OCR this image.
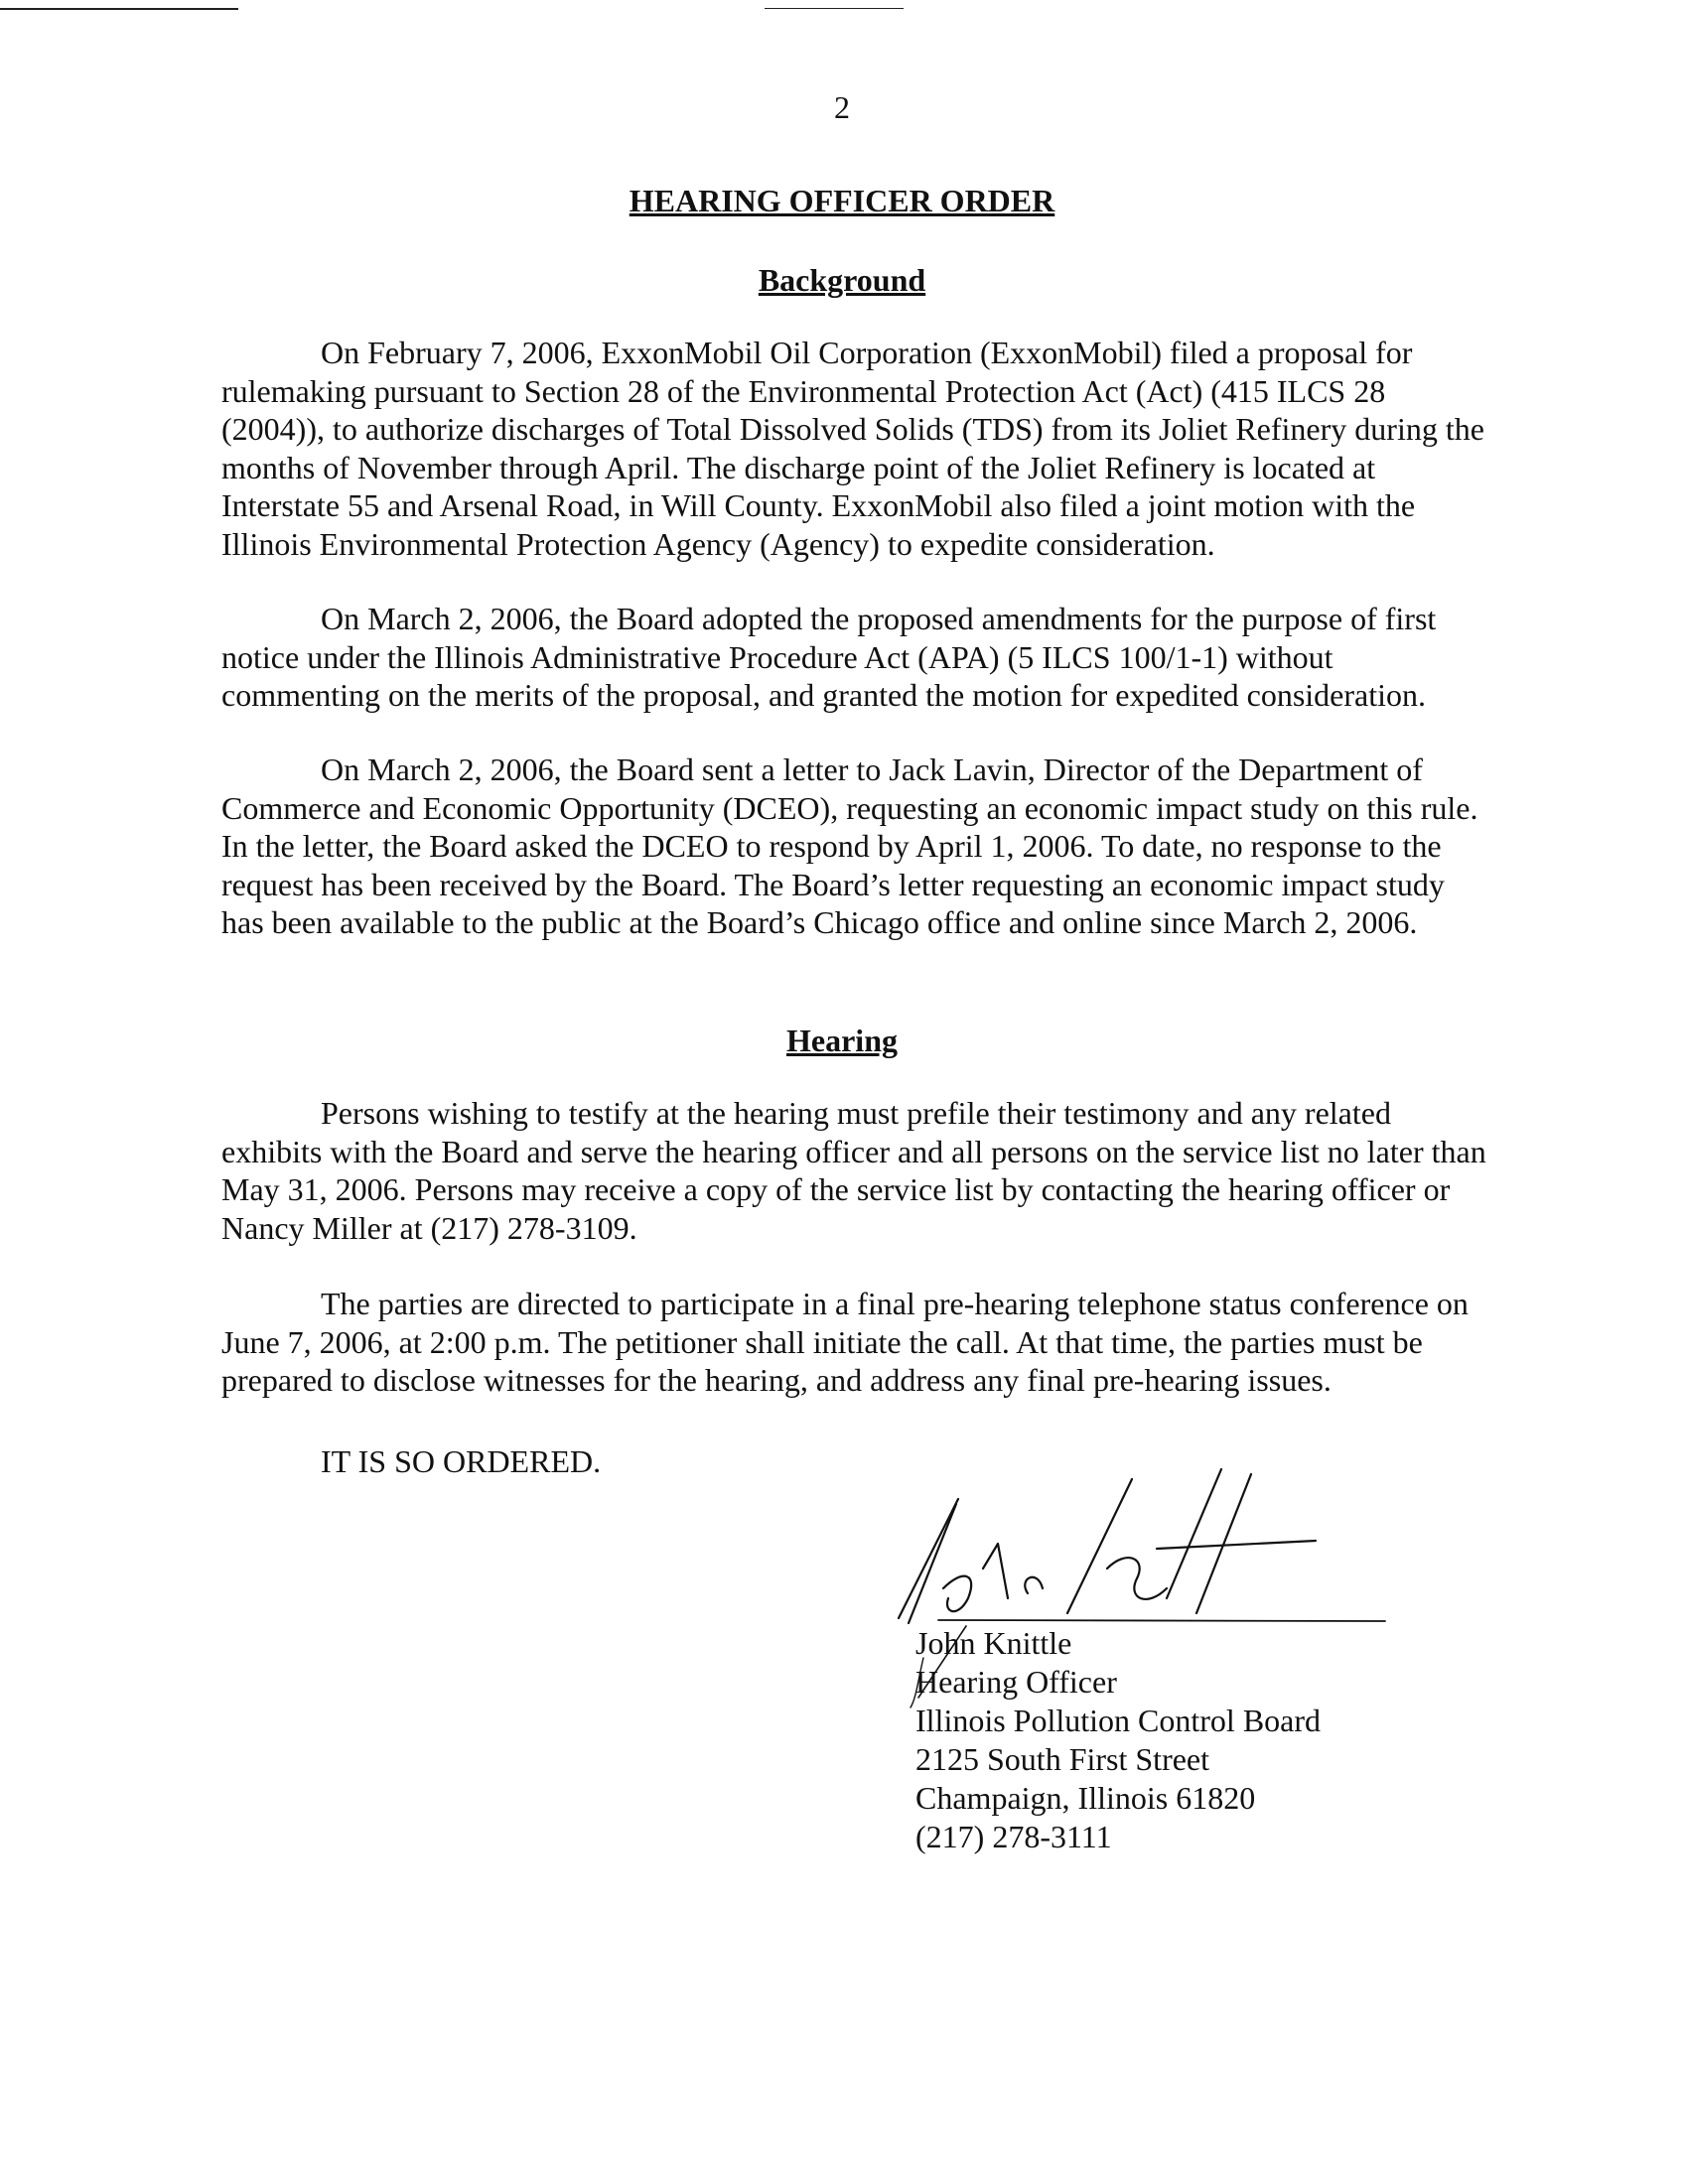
2
HEARING OFFICER ORDER
Background

On February 7, 2006, ExxonMobil Oil Corporation (ExxonMobil) filed a proposal for rulemaking pursuant to Section 28 of the Environmental Protection Act (Act) (415 ILCS 28 (2004)), to authorize discharges of Total Dissolved Solids (TDS) from its Joliet Refinery during the months of November through April. The discharge point of the Joliet Refinery is located at Interstate 55 and Arsenal Road, in Will County. ExxonMobil also filed a joint motion with the Illinois Environmental Protection Agency (Agency) to expedite consideration.

On March 2, 2006, the Board adopted the proposed amendments for the purpose of first notice under the Illinois Administrative Procedure Act (APA) (5 ILCS 100/1-1) without commenting on the merits of the proposal, and granted the motion for expedited consideration.

On March 2, 2006, the Board sent a letter to Jack Lavin, Director of the Department of Commerce and Economic Opportunity (DCEO), requesting an economic impact study on this rule. In the letter, the Board asked the DCEO to respond by April 1, 2006. To date, no response to the request has been received by the Board. The Board’s letter requesting an economic impact study has been available to the public at the Board’s Chicago office and online since March 2, 2006.

Hearing

Persons wishing to testify at the hearing must prefile their testimony and any related exhibits with the Board and serve the hearing officer and all persons on the service list no later than May 31, 2006. Persons may receive a copy of the service list by contacting the hearing officer or Nancy Miller at (217) 278-3109.

The parties are directed to participate in a final pre-hearing telephone status conference on June 7, 2006, at 2:00 p.m. The petitioner shall initiate the call. At that time, the parties must be prepared to disclose witnesses for the hearing, and address any final pre-hearing issues.

IT IS SO ORDERED.

John Knittle
Hearing Officer
Illinois Pollution Control Board
2125 South First Street
Champaign, Illinois 61820
(217) 278-3111
